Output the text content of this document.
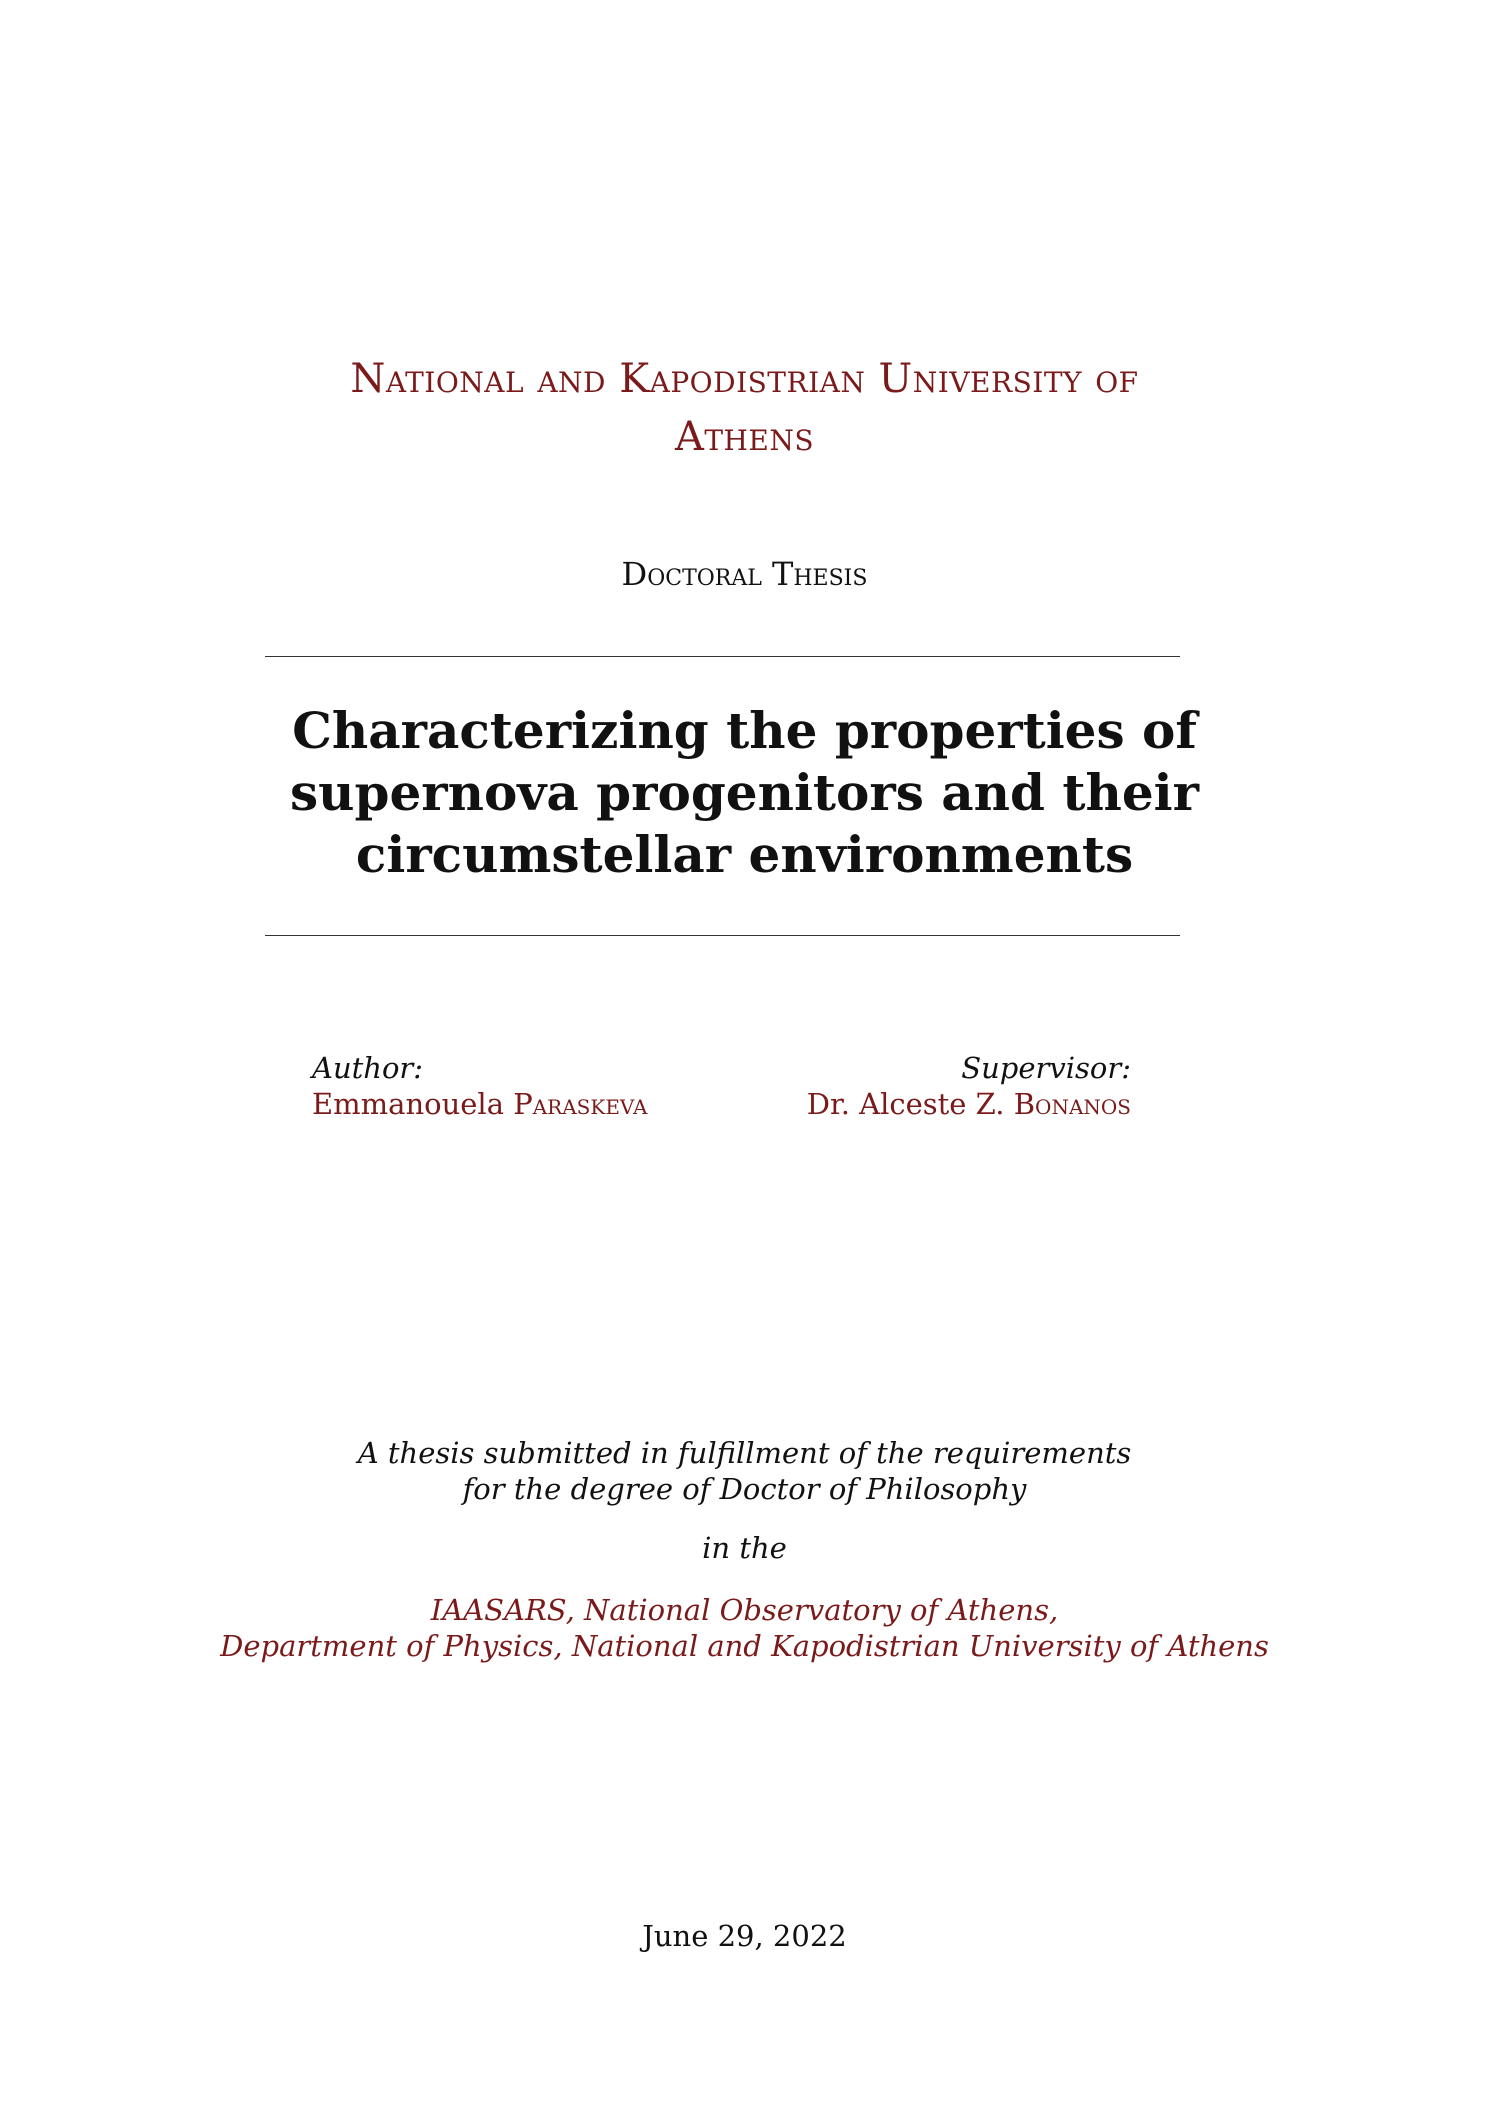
National and Kapodistrian University of
Athens
Doctoral Thesis
Characterizing the properties of
supernova progenitors and their
circumstellar environments
Author:
Emmanouela Paraskeva
Supervisor:
Dr. Alceste Z. Bonanos
A thesis submitted in fulfillment of the requirements
for the degree of Doctor of Philosophy
in the
IAASARS, National Observatory of Athens,
Department of Physics, National and Kapodistrian University of Athens
June 29, 2022
